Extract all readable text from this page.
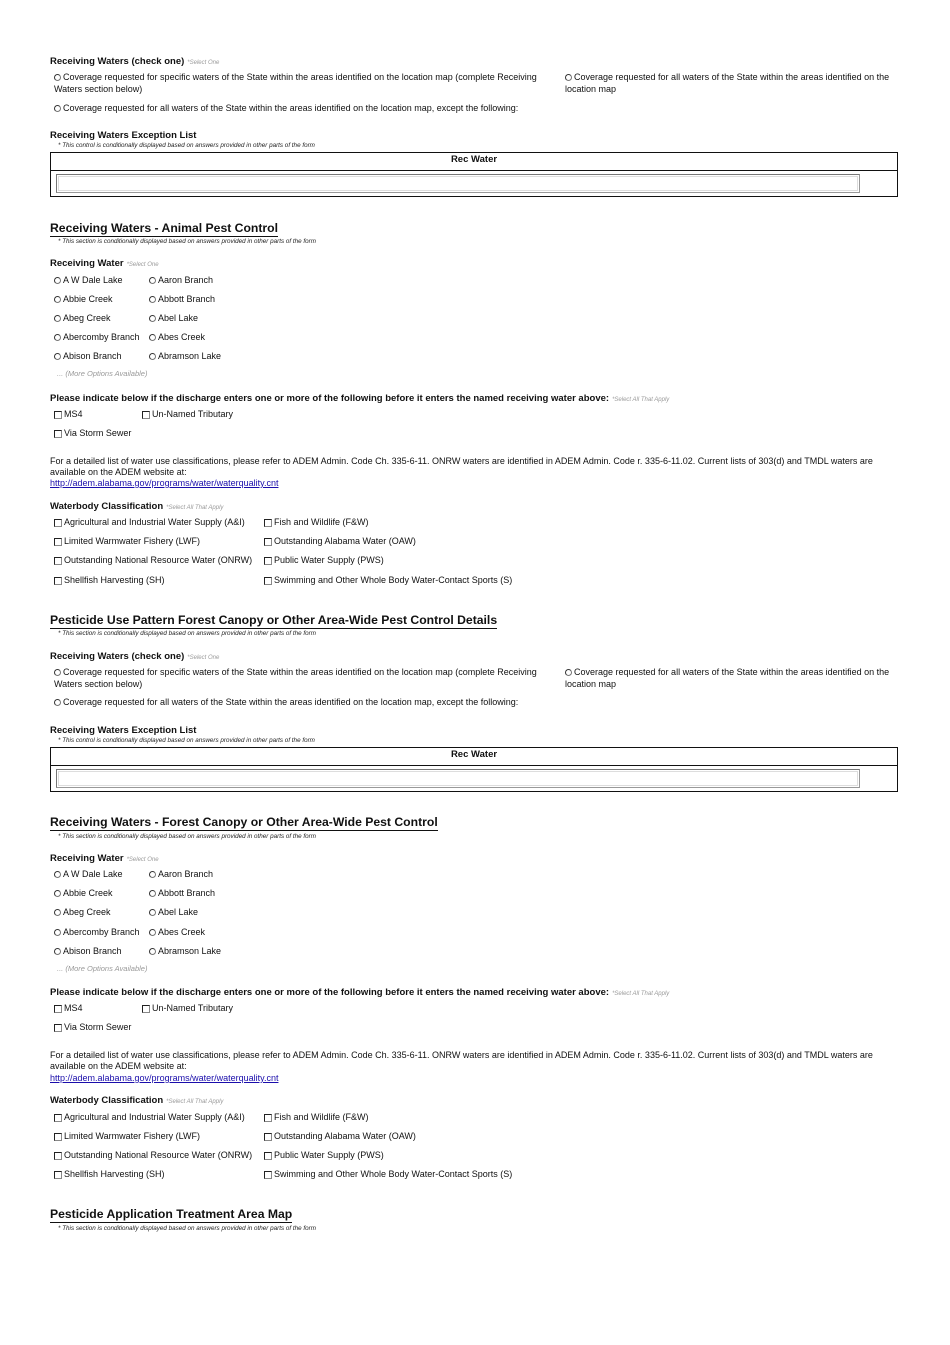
Receiving Waters (check one) *Select One
Coverage requested for specific waters of the State within the areas identified on the location map (complete Receiving Waters section below)
Coverage requested for all waters of the State within the areas identified on the location map
Coverage requested for all waters of the State within the areas identified on the location map, except the following:
Receiving Waters Exception List
* This control is conditionally displayed based on answers provided in other parts of the form
Rec Water
Receiving Waters - Animal Pest Control
* This section is conditionally displayed based on answers provided in other parts of the form
Receiving Water *Select One
A W Dale Lake
Abbie Creek
Abeg Creek
Abercomby Branch
Abison Branch
Aaron Branch
Abbott Branch
Abel Lake
Abes Creek
Abramson Lake
... (More Options Available)
Please indicate below if the discharge enters one or more of the following before it enters the named receiving water above: *Select All That Apply
MS4	Un-Named Tributary
Via Storm Sewer
For a detailed list of water use classifications, please refer to ADEM Admin. Code Ch. 335-6-11. ONRW waters are identified in ADEM Admin. Code r. 335-6-11.02. Current lists of 303(d) and TMDL waters are available on the ADEM website at:
http://adem.alabama.gov/programs/water/waterquality.cnt
Waterbody Classification *Select All That Apply
Agricultural and Industrial Water Supply (A&I)
Limited Warmwater Fishery (LWF)
Outstanding National Resource Water (ONRW)
Shellfish Harvesting (SH)
Fish and Wildlife (F&W)
Outstanding Alabama Water (OAW)
Public Water Supply (PWS)
Swimming and Other Whole Body Water-Contact Sports (S)
Pesticide Use Pattern Forest Canopy or Other Area-Wide Pest Control Details
* This section is conditionally displayed based on answers provided in other parts of the form
Receiving Waters (check one) *Select One
Coverage requested for specific waters of the State within the areas identified on the location map (complete Receiving Waters section below)
Coverage requested for all waters of the State within the areas identified on the location map
Coverage requested for all waters of the State within the areas identified on the location map, except the following:
Receiving Waters Exception List
* This control is conditionally displayed based on answers provided in other parts of the form
Rec Water
Receiving Waters - Forest Canopy or Other Area-Wide Pest Control
* This section is conditionally displayed based on answers provided in other parts of the form
Receiving Water *Select One
A W Dale Lake
Abbie Creek
Abeg Creek
Abercomby Branch
Abison Branch
Aaron Branch
Abbott Branch
Abel Lake
Abes Creek
Abramson Lake
... (More Options Available)
Please indicate below if the discharge enters one or more of the following before it enters the named receiving water above: *Select All That Apply
MS4	Un-Named Tributary
Via Storm Sewer
For a detailed list of water use classifications, please refer to ADEM Admin. Code Ch. 335-6-11. ONRW waters are identified in ADEM Admin. Code r. 335-6-11.02. Current lists of 303(d) and TMDL waters are available on the ADEM website at:
http://adem.alabama.gov/programs/water/waterquality.cnt
Waterbody Classification *Select All That Apply
Agricultural and Industrial Water Supply (A&I)
Limited Warmwater Fishery (LWF)
Outstanding National Resource Water (ONRW)
Shellfish Harvesting (SH)
Fish and Wildlife (F&W)
Outstanding Alabama Water (OAW)
Public Water Supply (PWS)
Swimming and Other Whole Body Water-Contact Sports (S)
Pesticide Application Treatment Area Map
* This section is conditionally displayed based on answers provided in other parts of the form
